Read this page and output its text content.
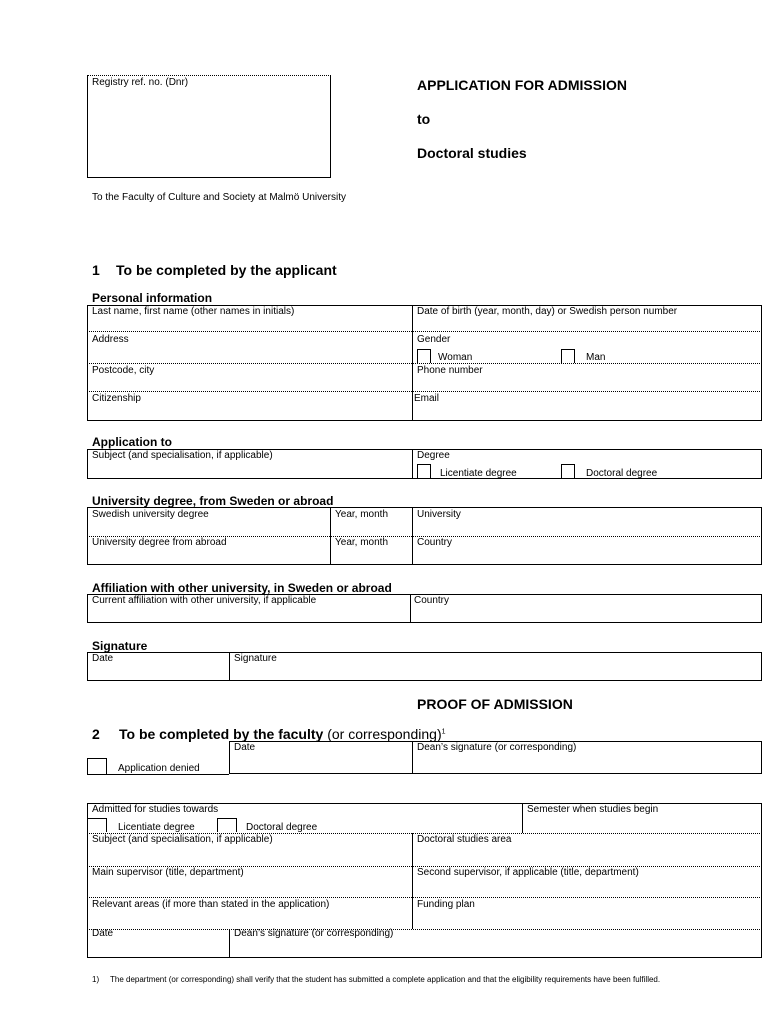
Registry ref. no. (Dnr)	APPLICATION FOR ADMISSION
to
Doctoral studies
To the Faculty of Culture and Society at Malmö University
1 To be completed by the applicant
Personal information
Last name, first name (other names in initials)	Date of birth (year, month, day) or Swedish person number
Address	Gender
Woman	Man
Postcode, city	Phone number
Citizenship	Email
Application to
Subject (and specialisation, if applicable)	Degree
Licentiate degree	Doctoral degree
University degree, from Sweden or abroad
Swedish university degree	Year, month	University
University degree from abroad	Year, month	Country
Affiliation with other university, in Sweden or abroad
Current affiliation with other university, if applicable	Country
Signature
Date	Signature
PROOF OF ADMISSION
2 To be completed by the faculty (or corresponding)$^1$
Date	Dean’s signature (or corresponding)
Application denied
Admitted for studies towards	Semester when studies begin
Licentiate degree	Doctoral degree
Subject (and specialisation, if applicable)	Doctoral studies area
Main supervisor (title, department)	Second supervisor, if applicable (title, department)
Relevant areas (if more than stated in the application)	Funding plan
Date	Dean’s signature (or corresponding)
1) The department (or corresponding) shall verify that the student has submitted a complete application and that the eligibility requirements have been fulfilled.
